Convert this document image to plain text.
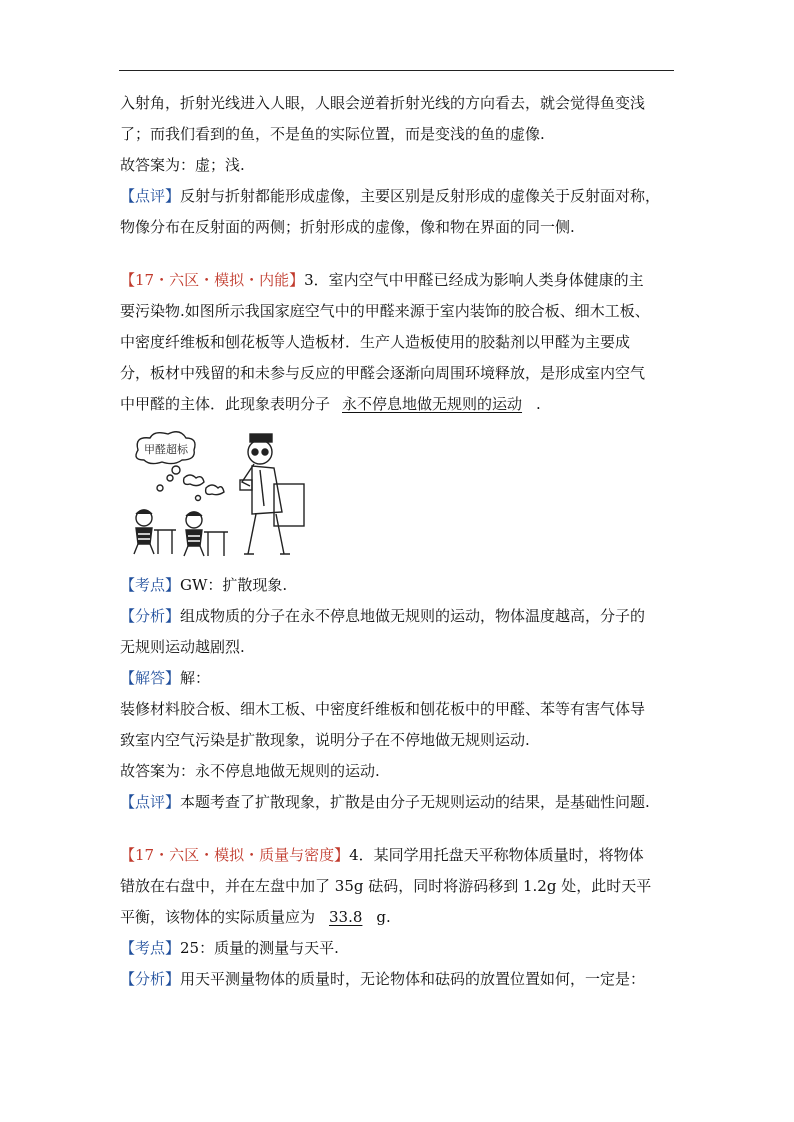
入射角，折射光线进入人眼，人眼会逆着折射光线的方向看去，就会觉得鱼变浅

了；而我们看到的鱼，不是鱼的实际位置，而是变浅的鱼的虚像.

故答案为：虚；浅.

【点评】反射与折射都能形成虚像，主要区别是反射形成的虚像关于反射面对称，

物像分布在反射面的两侧；折射形成的虚像，像和物在界面的同一侧.

【17・六区・模拟・内能】3．室内空气中甲醛已经成为影响人类身体健康的主

要污染物.如图所示我国家庭空气中的甲醛来源于室内装饰的胶合板、细木工板、

中密度纤维板和刨花板等人造板材．生产人造板使用的胶黏剂以甲醛为主要成

分，板材中残留的和未参与反应的甲醛会逐渐向周围环境释放，是形成室内空气

中甲醛的主体．此现象表明分子 永不停息地做无规则的运动 .

甲醛超标

【考点】GW：扩散现象.

【分析】组成物质的分子在永不停息地做无规则的运动，物体温度越高，分子的

无规则运动越剧烈.

【解答】解：

装修材料胶合板、细木工板、中密度纤维板和刨花板中的甲醛、苯等有害气体导

致室内空气污染是扩散现象，说明分子在不停地做无规则运动.

故答案为：永不停息地做无规则的运动.

【点评】本题考查了扩散现象，扩散是由分子无规则运动的结果，是基础性问题.

【17・六区・模拟・质量与密度】4．某同学用托盘天平称物体质量时，将物体

错放在右盘中，并在左盘中加了 35g 砝码，同时将游码移到 1.2g 处，此时天平

平衡，该物体的实际质量应为 33.8 g.

【考点】25：质量的测量与天平.

【分析】用天平测量物体的质量时，无论物体和砝码的放置位置如何，一定是：
